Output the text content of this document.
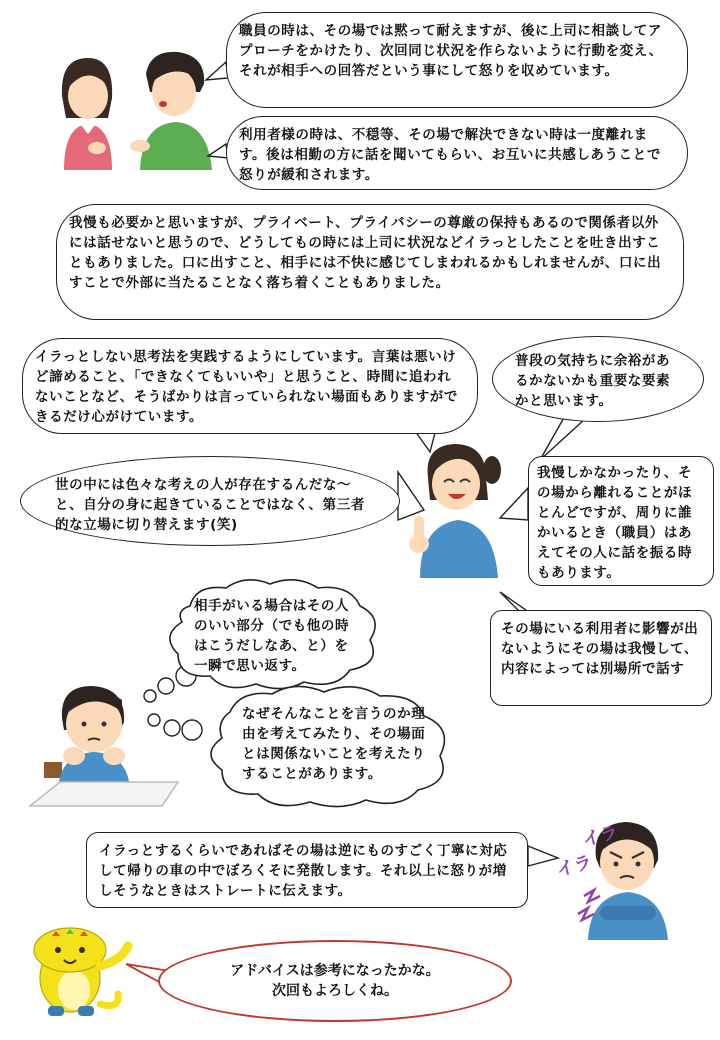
職員の時は、その場では黙って耐えますが、後に上司に相談してアプローチをかけたり、次回同じ状況を作らないように行動を変え、それが相手への回答だという事にして怒りを収めています。
利用者様の時は、不穏等、その場で解決できない時は一度離れます。後は相勤の方に話を聞いてもらい、お互いに共感しあうことで怒りが緩和されます。
我慢も必要かと思いますが、プライベート、プライバシーの尊厳の保持もあるので関係者以外には話せないと思うので、どうしてもの時には上司に状況などイラっとしたことを吐き出すこともありました。口に出すこと、相手には不快に感じてしまわれるかもしれませんが、口に出すことで外部に当たることなく落ち着くこともありました。
イラっとしない思考法を実践するようにしています。言葉は悪いけど諦めること、「できなくてもいいや」と思うこと、時間に追われないことなど、そうばかりは言っていられない場面もありますができるだけ心がけています。
普段の気持ちに余裕があるかないかも重要な要素かと思います。
世の中には色々な考えの人が存在するんだな～と、自分の身に起きていることではなく、第三者的な立場に切り替えます(笑)
我慢しかなかったり、その場から離れることがほとんどですが、周りに誰かいるとき（職員）はあえてその人に話を振る時もあります。
相手がいる場合はその人のいい部分（でも他の時はこうだしなあ、と）を一瞬で思い返す。
その場にいる利用者に影響が出ないようにその場は我慢して、内容によっては別場所で話す
なぜそんなことを言うのか理由を考えてみたり、その場面とは関係ないことを考えたりすることがあります。
イラっとするくらいであればその場は逆にものすごく丁寧に対応して帰りの車の中でぼろくそに発散します。それ以上に怒りが増しそうなときはストレートに伝えます。
イラ
イラ
アドバイスは参考になったかな。
次回もよろしくね。
